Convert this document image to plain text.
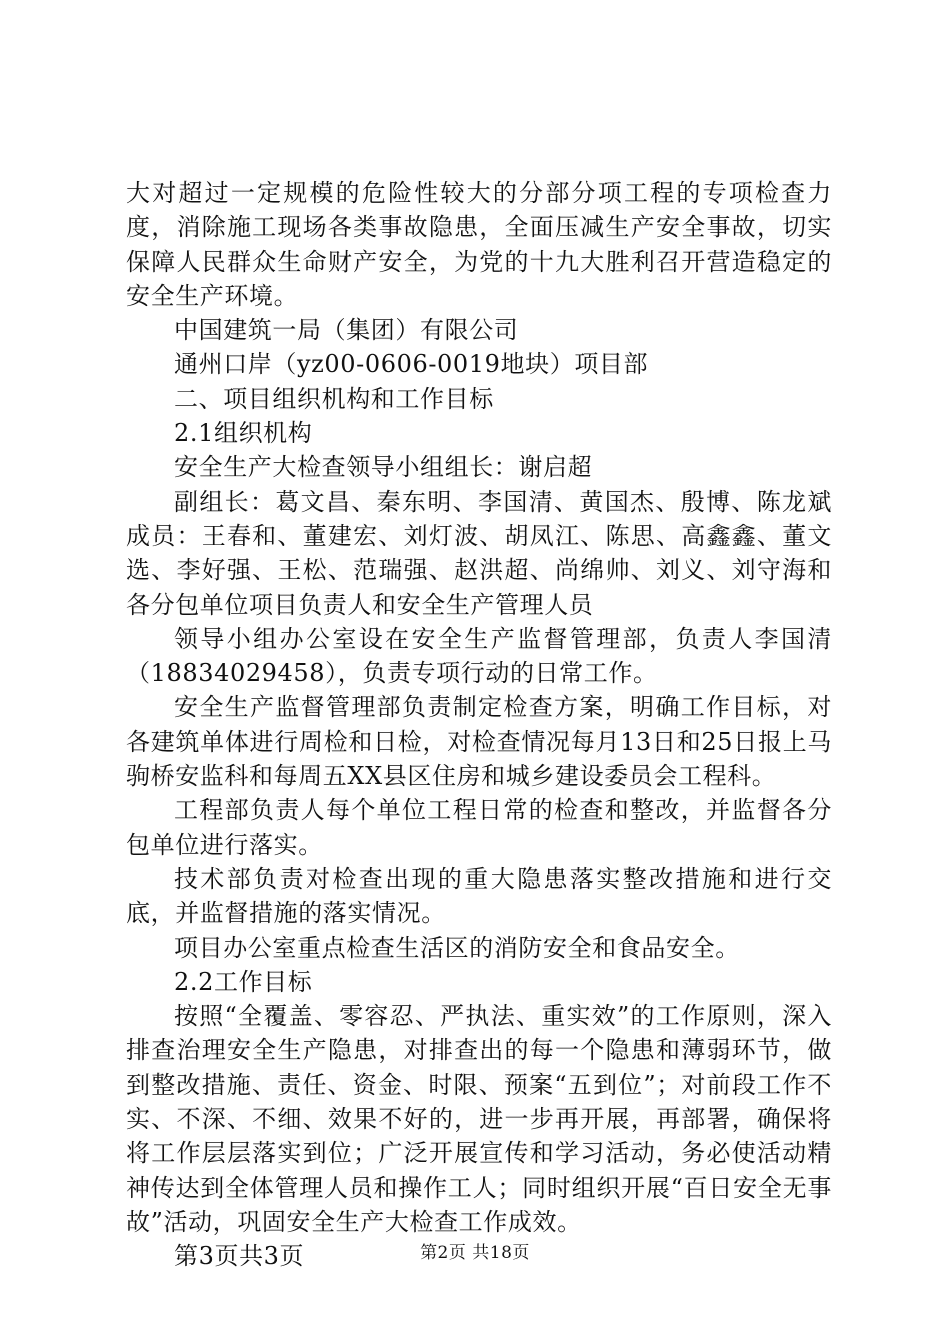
大对超过一定规模的危险性较大的分部分项工程的专项检查力度，消除施工现场各类事故隐患，全面压减生产安全事故，切实保障人民群众生命财产安全，为党的十九大胜利召开营造稳定的安全生产环境。

中国建筑一局（集团）有限公司

通州口岸（yz00-0606-0019地块）项目部

二、项目组织机构和工作目标

2.1组织机构

安全生产大检查领导小组组长：谢启超

副组长：葛文昌、秦东明、李国清、黄国杰、殷博、陈龙斌成员：王春和、董建宏、刘灯波、胡凤江、陈思、高鑫鑫、董文选、李好强、王松、范瑞强、赵洪超、尚绵帅、刘义、刘守海和各分包单位项目负责人和安全生产管理人员

领导小组办公室设在安全生产监督管理部，负责人李国清（18834029458），负责专项行动的日常工作。

安全生产监督管理部负责制定检查方案，明确工作目标，对各建筑单体进行周检和日检，对检查情况每月13日和25日报上马驹桥安监科和每周五XX县区住房和城乡建设委员会工程科。

工程部负责人每个单位工程日常的检查和整改，并监督各分包单位进行落实。

技术部负责对检查出现的重大隐患落实整改措施和进行交底，并监督措施的落实情况。

项目办公室重点检查生活区的消防安全和食品安全。

2.2工作目标

按照“全覆盖、零容忍、严执法、重实效”的工作原则，深入排查治理安全生产隐患，对排查出的每一个隐患和薄弱环节，做到整改措施、责任、资金、时限、预案“五到位”；对前段工作不实、不深、不细、效果不好的，进一步再开展，再部署，确保将将工作层层落实到位；广泛开展宣传和学习活动，务必使活动精神传达到全体管理人员和操作工人；同时组织开展“百日安全无事故”活动，巩固安全生产大检查工作成效。

第3页共3页	第2页 共18页
